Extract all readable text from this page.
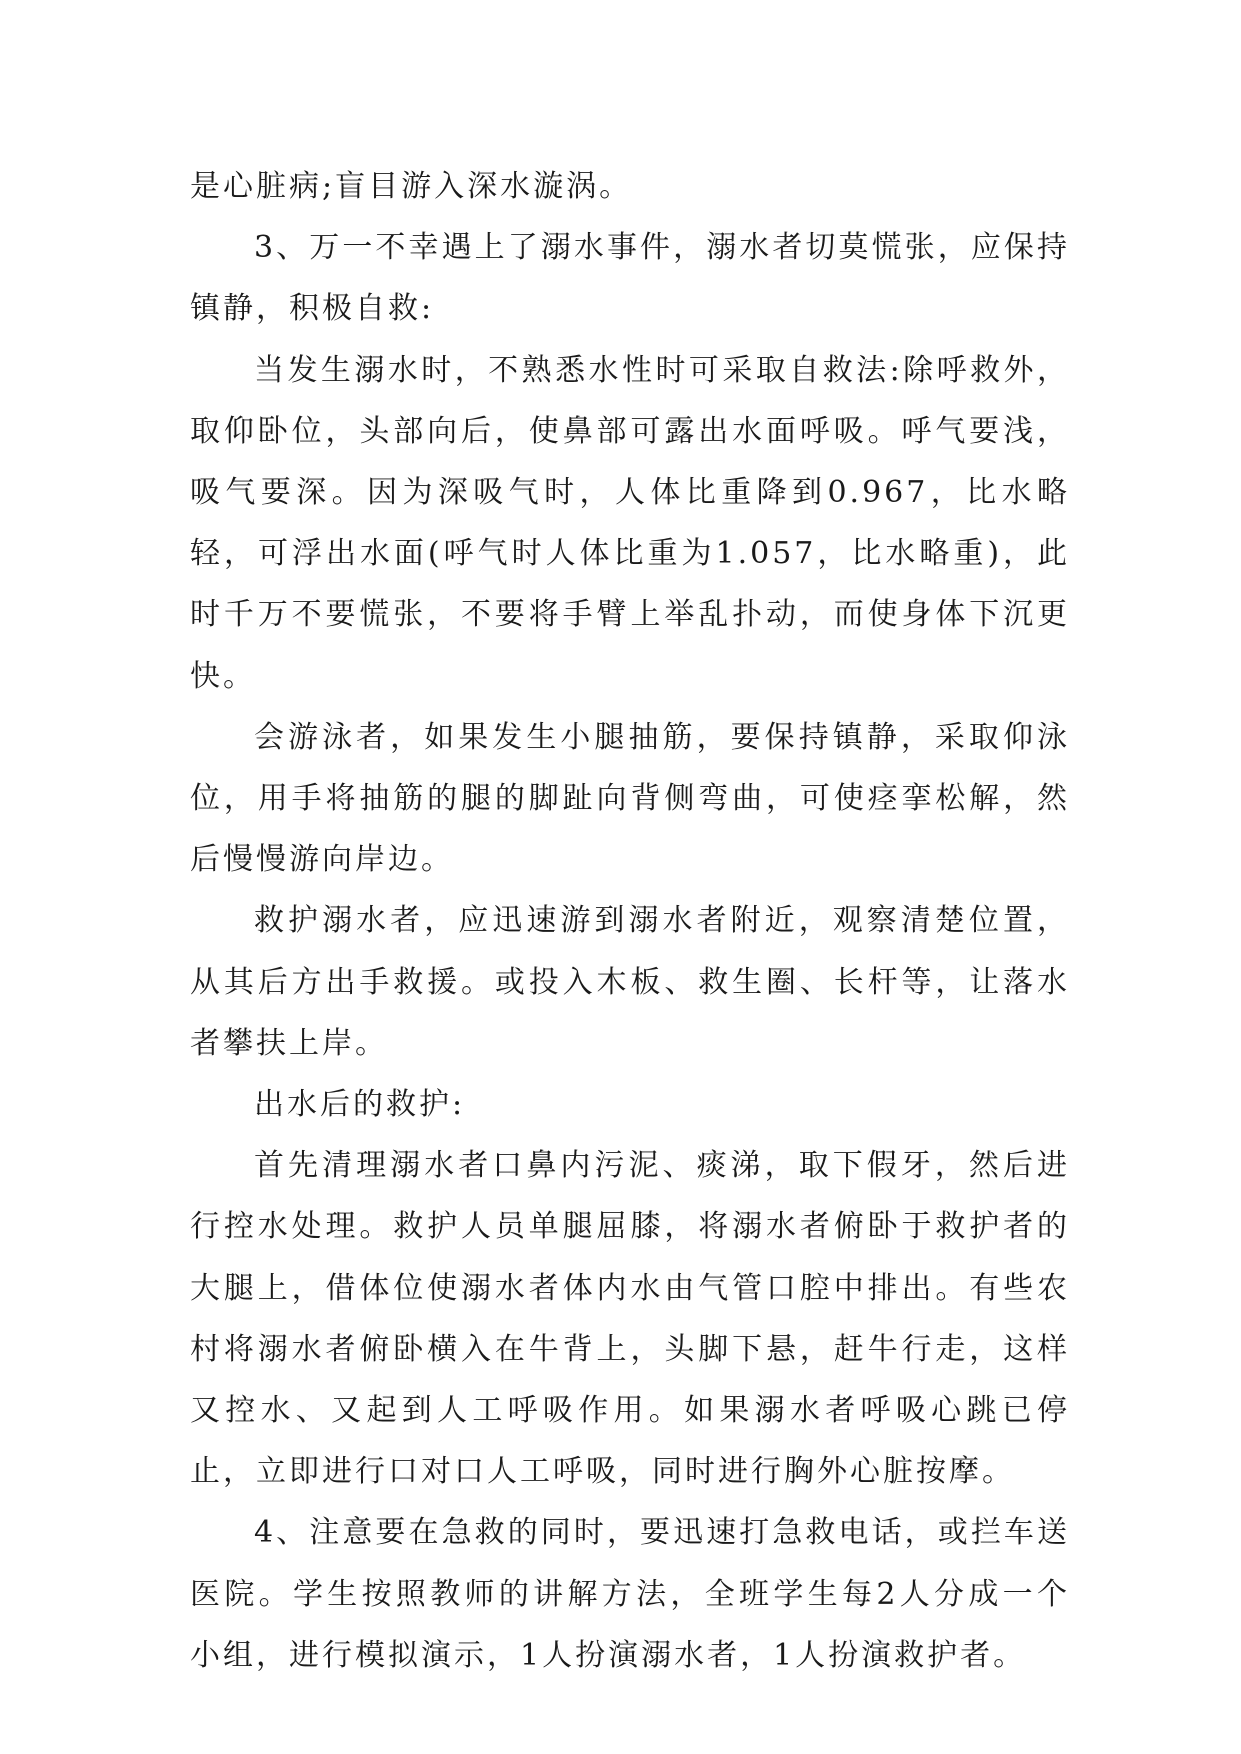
是心脏病;盲目游入深水漩涡。

3、万一不幸遇上了溺水事件，溺水者切莫慌张，应保持镇静，积极自救:

当发生溺水时，不熟悉水性时可采取自救法:除呼救外，取仰卧位，头部向后，使鼻部可露出水面呼吸。呼气要浅，吸气要深。因为深吸气时，人体比重降到0.967，比水略轻，可浮出水面(呼气时人体比重为1.057，比水略重)，此时千万不要慌张，不要将手臂上举乱扑动，而使身体下沉更快。

会游泳者，如果发生小腿抽筋，要保持镇静，采取仰泳位，用手将抽筋的腿的脚趾向背侧弯曲，可使痉挛松解，然后慢慢游向岸边。

救护溺水者，应迅速游到溺水者附近，观察清楚位置，从其后方出手救援。或投入木板、救生圈、长杆等，让落水者攀扶上岸。

出水后的救护:

首先清理溺水者口鼻内污泥、痰涕，取下假牙，然后进行控水处理。救护人员单腿屈膝，将溺水者俯卧于救护者的大腿上，借体位使溺水者体内水由气管口腔中排出。有些农村将溺水者俯卧横入在牛背上，头脚下悬，赶牛行走，这样又控水、又起到人工呼吸作用。如果溺水者呼吸心跳已停止，立即进行口对口人工呼吸，同时进行胸外心脏按摩。

4、注意要在急救的同时，要迅速打急救电话，或拦车送医院。学生按照教师的讲解方法，全班学生每2人分成一个小组，进行模拟演示，1人扮演溺水者，1人扮演救护者。
